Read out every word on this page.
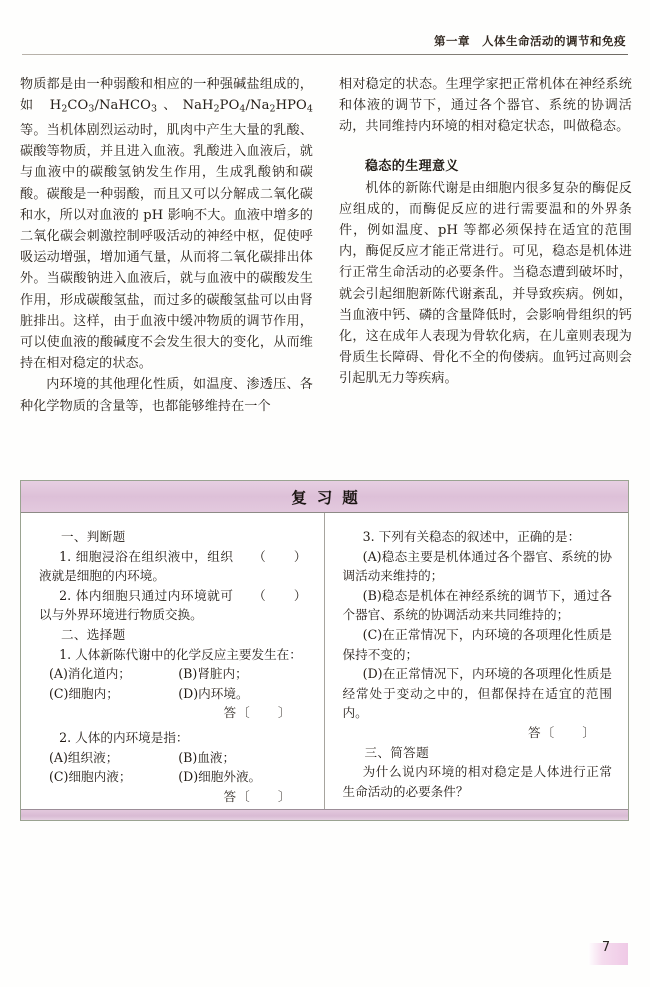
第一章　人体生命活动的调节和免疫

物质都是由一种弱酸和相应的一种强碱盐组成的，如 $H_2CO_3/NaHCO_3$、$NaH_2PO_4/Na_2HPO_4$等。当机体剧烈运动时，肌肉中产生大量的乳酸、碳酸等物质，并且进入血液。乳酸进入血液后，就与血液中的碳酸氢钠发生作用，生成乳酸钠和碳酸。碳酸是一种弱酸，而且又可以分解成二氧化碳和水，所以对血液的 pH 影响不大。血液中增多的二氧化碳会刺激控制呼吸活动的神经中枢，促使呼吸运动增强，增加通气量，从而将二氧化碳排出体外。当碳酸钠进入血液后，就与血液中的碳酸发生作用，形成碳酸氢盐，而过多的碳酸氢盐可以由肾脏排出。这样，由于血液中缓冲物质的调节作用，可以使血液的酸碱度不会发生很大的变化，从而维持在相对稳定的状态。

内环境的其他理化性质，如温度、渗透压、各种化学物质的含量等，也都能够维持在一个

相对稳定的状态。生理学家把正常机体在神经系统和体液的调节下，通过各个器官、系统的协调活动，共同维持内环境的相对稳定状态，叫做稳态。

稳态的生理意义

机体的新陈代谢是由细胞内很多复杂的酶促反应组成的，而酶促反应的进行需要温和的外界条件，例如温度、pH 等都必须保持在适宜的范围内，酶促反应才能正常进行。可见，稳态是机体进行正常生命活动的必要条件。当稳态遭到破坏时，就会引起细胞新陈代谢紊乱，并导致疾病。例如，当血液中钙、磷的含量降低时，会影响骨组织的钙化，这在成年人表现为骨软化病，在儿童则表现为骨质生长障碍、骨化不全的佝偻病。血钙过高则会引起肌无力等疾病。

复习题

一、判断题

（　　）
1. 细胞浸浴在组织液中，组织液就是细胞的内环境。

（　　）
2. 体内细胞只通过内环境就可以与外界环境进行物质交换。

二、选择题

1. 人体新陈代谢中的化学反应主要发生在：

(A)消化道内；	(B)肾脏内；
(C)细胞内；	(D)内环境。
答〔　　〕

2. 人体的内环境是指：

(A)组织液；	(B)血液；
(C)细胞内液；	(D)细胞外液。
答〔　　〕

3. 下列有关稳态的叙述中，正确的是：

(A)稳态主要是机体通过各个器官、系统的协调活动来维持的；

(B)稳态是机体在神经系统的调节下，通过各个器官、系统的协调活动来共同维持的；

(C)在正常情况下，内环境的各项理化性质是保持不变的；

(D)在正常情况下，内环境的各项理化性质是经常处于变动之中的，但都保持在适宜的范围内。

答〔　　〕

三、简答题

为什么说内环境的相对稳定是人体进行正常生命活动的必要条件？

7
